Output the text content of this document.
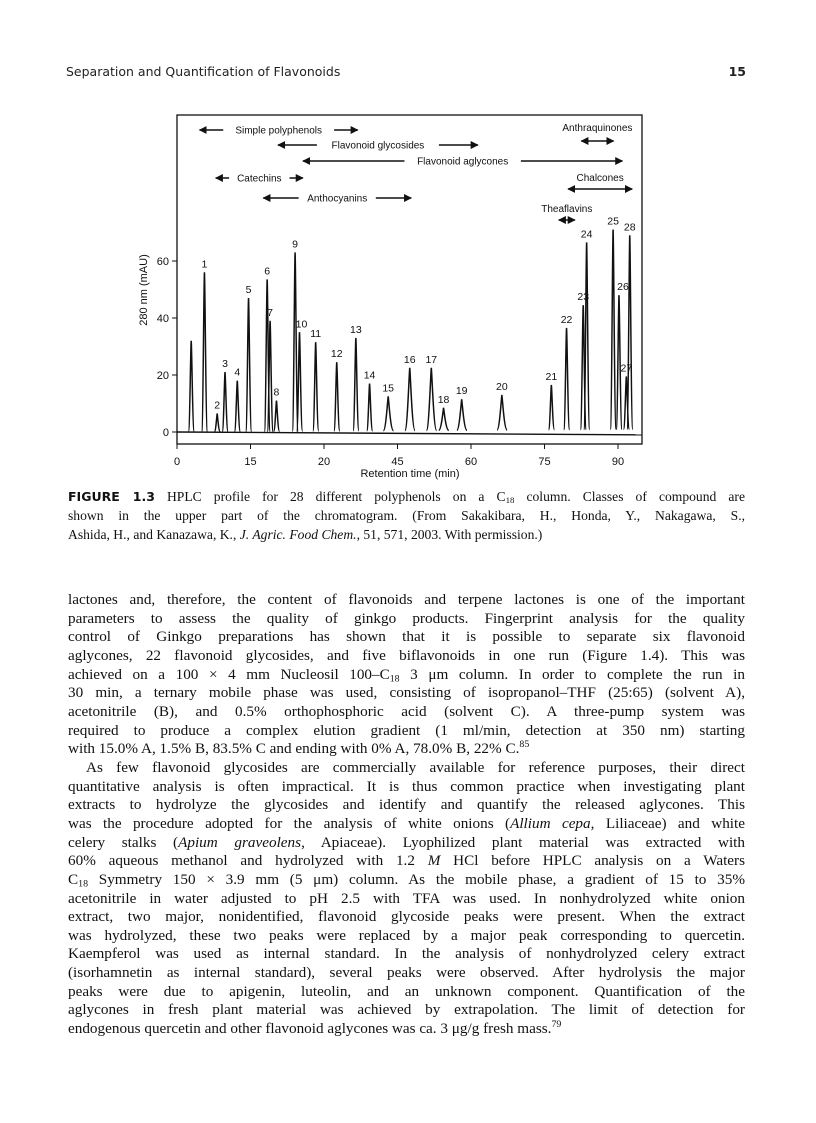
Separation and Quantification of Flavonoids	15
0
20
40
60
0	15	20	45	60	75	90
Retention time (min)
280 nm (mAU)	1
2
3
4
5
6
7
8
9
10
11
12
13
14
15
16 17
18
19	20
21
22
23
24
25
26
27
28
Simple polyphenols
Flavonoid glycosides
Flavonoid aglycones
Catechins
Anthocyanins
Anthraquinones
Chalcones
Theaflavins
FIGURE 1.3 HPLC profile for 28 different polyphenols on a $C_{18}$ column. Classes of compound are
shown in the upper part of the chromatogram. (From Sakakibara, H., Honda, Y., Nakagawa, S.,
Ashida, H., and Kanazawa, K., J. Agric. Food Chem., 51, 571, 2003. With permission.)
lactones and, therefore, the content of flavonoids and terpene lactones is one of the important
parameters to assess the quality of ginkgo products. Fingerprint analysis for the quality
control of Ginkgo preparations has shown that it is possible to separate six flavonoid
aglycones, 22 flavonoid glycosides, and five biflavonoids in one run (Figure 1.4). This was
achieved on a 100 × 4 mm Nucleosil $100-C_{18}$ 3 μm column. In order to complete the run in
30 min, a ternary mobile phase was used, consisting of isopropanol–THF (25:65) (solvent A),
acetonitrile (B), and 0.5% orthophosphoric acid (solvent C). A three-pump system was
required to produce a complex elution gradient (1 ml/min, detection at 350 nm) starting
with 15.0% A, 1.5% B, 83.5% C and ending with 0% A, 78.0% B, 22% C.$^{85}$
As few flavonoid glycosides are commercially available for reference purposes, their direct
quantitative analysis is often impractical. It is thus common practice when investigating plant
extracts to hydrolyze the glycosides and identify and quantify the released aglycones. This
was the procedure adopted for the analysis of white onions (Allium cepa, Liliaceae) and white
celery stalks (Apium graveolens, Apiaceae). Lyophilized plant material was extracted with
60% aqueous methanol and hydrolyzed with 1.2 M HCl before HPLC analysis on a Waters
$C_{18}$ Symmetry 150 × 3.9 mm (5 μm) column. As the mobile phase, a gradient of 15 to 35%
acetonitrile in water adjusted to pH 2.5 with TFA was used. In nonhydrolyzed white onion
extract, two major, nonidentified, flavonoid glycoside peaks were present. When the extract
was hydrolyzed, these two peaks were replaced by a major peak corresponding to quercetin.
Kaempferol was used as internal standard. In the analysis of nonhydrolyzed celery extract
(isorhamnetin as internal standard), several peaks were observed. After hydrolysis the major
peaks were due to apigenin, luteolin, and an unknown component. Quantification of the
aglycones in fresh plant material was achieved by extrapolation. The limit of detection for
endogenous quercetin and other flavonoid aglycones was ca. 3 μg/g fresh mass.$^{79}$
